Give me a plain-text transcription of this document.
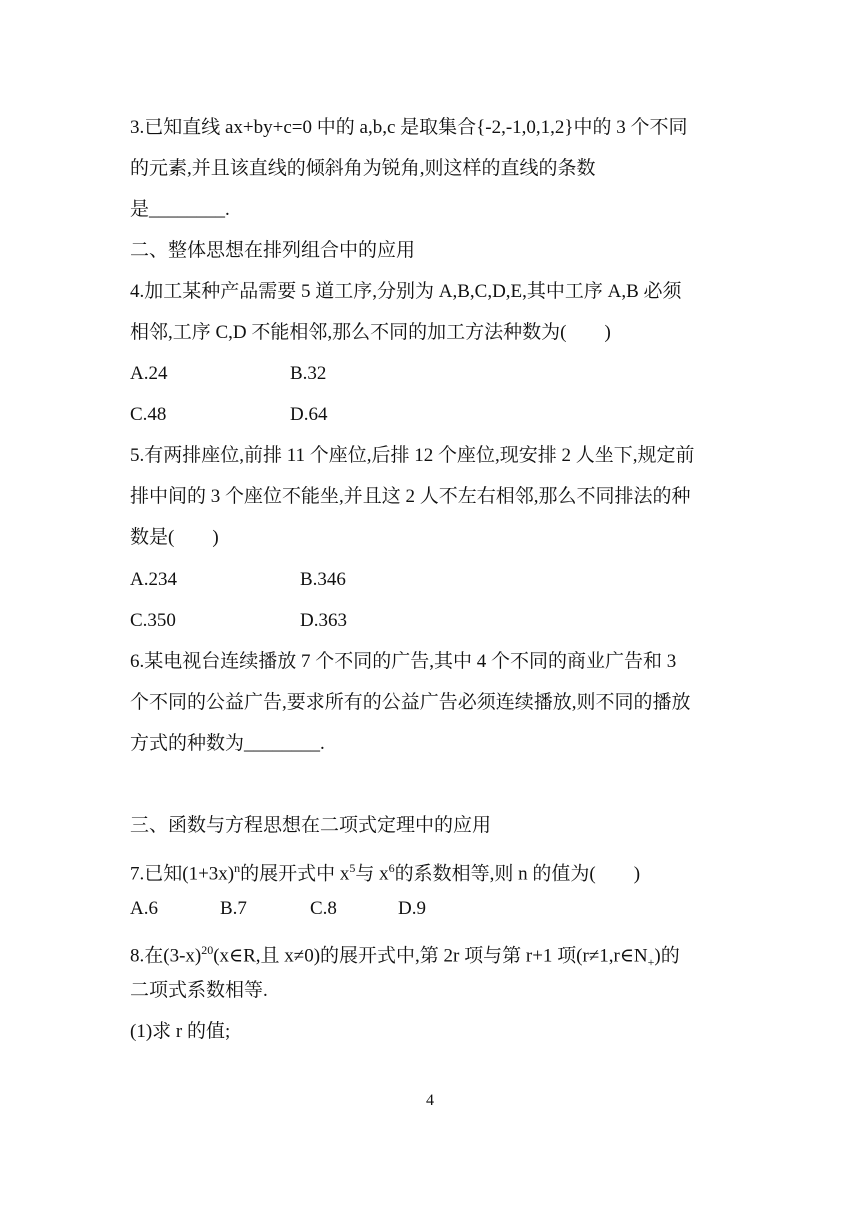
3.已知直线 ax+by+c=0 中的 a,b,c 是取集合{-2,-1,0,1,2}中的 3 个不同
的元素,并且该直线的倾斜角为锐角,则这样的直线的条数
是________.
二、整体思想在排列组合中的应用
4.加工某种产品需要 5 道工序,分别为 A,B,C,D,E,其中工序 A,B 必须
相邻,工序 C,D 不能相邻,那么不同的加工方法种数为(　　)
A.24	B.32
C.48	D.64
5.有两排座位,前排 11 个座位,后排 12 个座位,现安排 2 人坐下,规定前
排中间的 3 个座位不能坐,并且这 2 人不左右相邻,那么不同排法的种
数是(　　)
A.234	B.346
C.350	D.363
6.某电视台连续播放 7 个不同的广告,其中 4 个不同的商业广告和 3
个不同的公益广告,要求所有的公益广告必须连续播放,则不同的播放
方式的种数为________.
三、函数与方程思想在二项式定理中的应用
7.已知$(1+3x)^n$的展开式中 $x^5$与 $x^6$的系数相等,则 n 的值为(　　)
A.6	B.7	C.8	D.9
8.在$(3-x)^{20}(x\in R$,且 x≠0)的展开式中,第 2r 项与第 r+1 项$(r\ne 1,r\in N_+)$的
二项式系数相等.
(1)求 r 的值;
4
